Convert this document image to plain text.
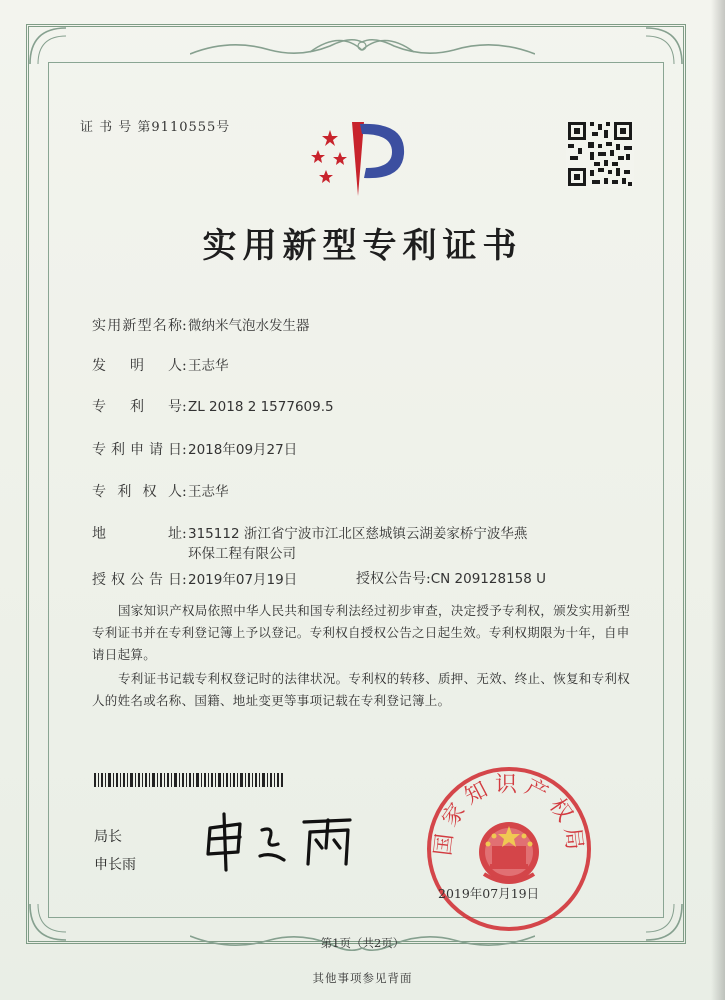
证 书 号 第9110555号
实用新型专利证书
实用新型名称:微纳米气泡水发生器
发明人:王志华
专利号:ZL 2018 2 1577609.5
专利申请日:2018年09月27日
专利权人:王志华
地址:315112 浙江省宁波市江北区慈城镇云湖姜家桥宁波华燕
环保工程有限公司
授权公告日:2019年07月19日	授权公告号:CN 209128158 U
国家知识产权局依照中华人民共和国专利法经过初步审查，决定授予专利权，颁发实用新型专利证书并在专利登记簿上予以登记。专利权自授权公告之日起生效。专利权期限为十年，自申请日起算。
专利证书记载专利权登记时的法律状况。专利权的转移、质押、无效、终止、恢复和专利权人的姓名或名称、国籍、地址变更等事项记载在专利登记簿上。
局长
申长雨
国家知识产权局
2019年07月19日
第1页（共2页）
其他事项参见背面
